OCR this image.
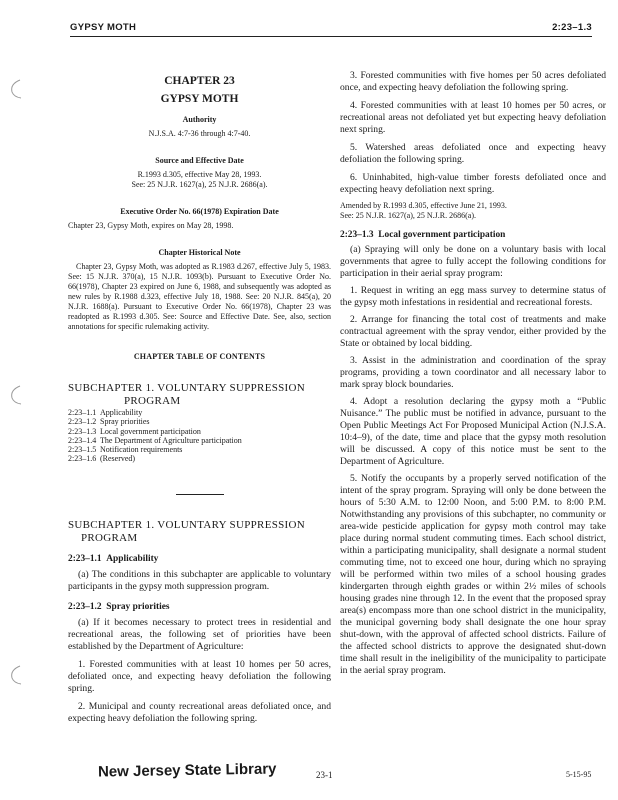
GYPSY MOTH	2:23–1.3
CHAPTER 23
GYPSY MOTH
Authority
N.J.S.A. 4:7-36 through 4:7-40.
Source and Effective Date
R.1993 d.305, effective May 28, 1993.
See: 25 N.J.R. 1627(a), 25 N.J.R. 2686(a).
Executive Order No. 66(1978) Expiration Date
Chapter 23, Gypsy Moth, expires on May 28, 1998.
Chapter Historical Note

Chapter 23, Gypsy Moth, was adopted as R.1983 d.267, effective July 5, 1983. See: 15 N.J.R. 370(a), 15 N.J.R. 1093(b). Pursuant to Executive Order No. 66(1978), Chapter 23 expired on June 6, 1988, and subsequently was adopted as new rules by R.1988 d.323, effective July 18, 1988. See: 20 N.J.R. 845(a), 20 N.J.R. 1688(a). Pursuant to Executive Order No. 66(1978), Chapter 23 was readopted as R.1993 d.305. See: Source and Effective Date. See, also, section annotations for specific rulemaking activity.

CHAPTER TABLE OF CONTENTS
SUBCHAPTER 1. VOLUNTARY SUPPRESSION
PROGRAM
2:23–1.1	Applicability
2:23–1.2	Spray priorities
2:23–1.3	Local government participation
2:23–1.4	The Department of Agriculture participation
2:23–1.5	Notification requirements
2:23–1.6	(Reserved)
SUBCHAPTER 1. VOLUNTARY SUPPRESSION
PROGRAM
2:23–1.1 Applicability

(a) The conditions in this subchapter are applicable to voluntary participants in the gypsy moth suppression program.

2:23–1.2 Spray priorities

(a) If it becomes necessary to protect trees in residential and recreational areas, the following set of priorities have been established by the Department of Agriculture:

1. Forested communities with at least 10 homes per 50 acres, defoliated once, and expecting heavy defoliation the following spring.

2. Municipal and county recreational areas defoliated once, and expecting heavy defoliation the following spring.

3. Forested communities with five homes per 50 acres defoliated once, and expecting heavy defoliation the following spring.

4. Forested communities with at least 10 homes per 50 acres, or recreational areas not defoliated yet but expecting heavy defoliation next spring.

5. Watershed areas defoliated once and expecting heavy defoliation the following spring.

6. Uninhabited, high-value timber forests defoliated once and expecting heavy defoliation next spring.

Amended by R.1993 d.305, effective June 21, 1993.
See: 25 N.J.R. 1627(a), 25 N.J.R. 2686(a).
2:23–1.3 Local government participation

(a) Spraying will only be done on a voluntary basis with local governments that agree to fully accept the following conditions for participation in their aerial spray program:

1. Request in writing an egg mass survey to determine status of the gypsy moth infestations in residential and recreational forests.

2. Arrange for financing the total cost of treatments and make contractual agreement with the spray vendor, either provided by the State or obtained by local bidding.

3. Assist in the administration and coordination of the spray programs, providing a town coordinator and all necessary labor to mark spray block boundaries.

4. Adopt a resolution declaring the gypsy moth a “Public Nuisance.” The public must be notified in advance, pursuant to the Open Public Meetings Act For Proposed Municipal Action (N.J.S.A. 10:4–9), of the date, time and place that the gypsy moth resolution will be discussed. A copy of this notice must be sent to the Department of Agriculture.

5. Notify the occupants by a properly served notification of the intent of the spray program. Spraying will only be done between the hours of 5:30 A.M. to 12:00 Noon, and 5:00 P.M. to 8:00 P.M. Notwithstanding any provisions of this subchapter, no community or area-wide pesticide application for gypsy moth control may take place during normal student commuting times. Each school district, within a participating municipality, shall designate a normal student commuting time, not to exceed one hour, during which no spraying will be performed within two miles of a school housing grades kindergarten through eighth grades or within 2½ miles of schools housing grades nine through 12. In the event that the proposed spray area(s) encompass more than one school district in the municipality, the municipal governing body shall designate the one hour spray shut-down, with the approval of affected school districts. Failure of the affected school districts to approve the designated shut-down time shall result in the ineligibility of the municipality to participate in the aerial spray program.

New Jersey State Library	23-1	5-15-95
